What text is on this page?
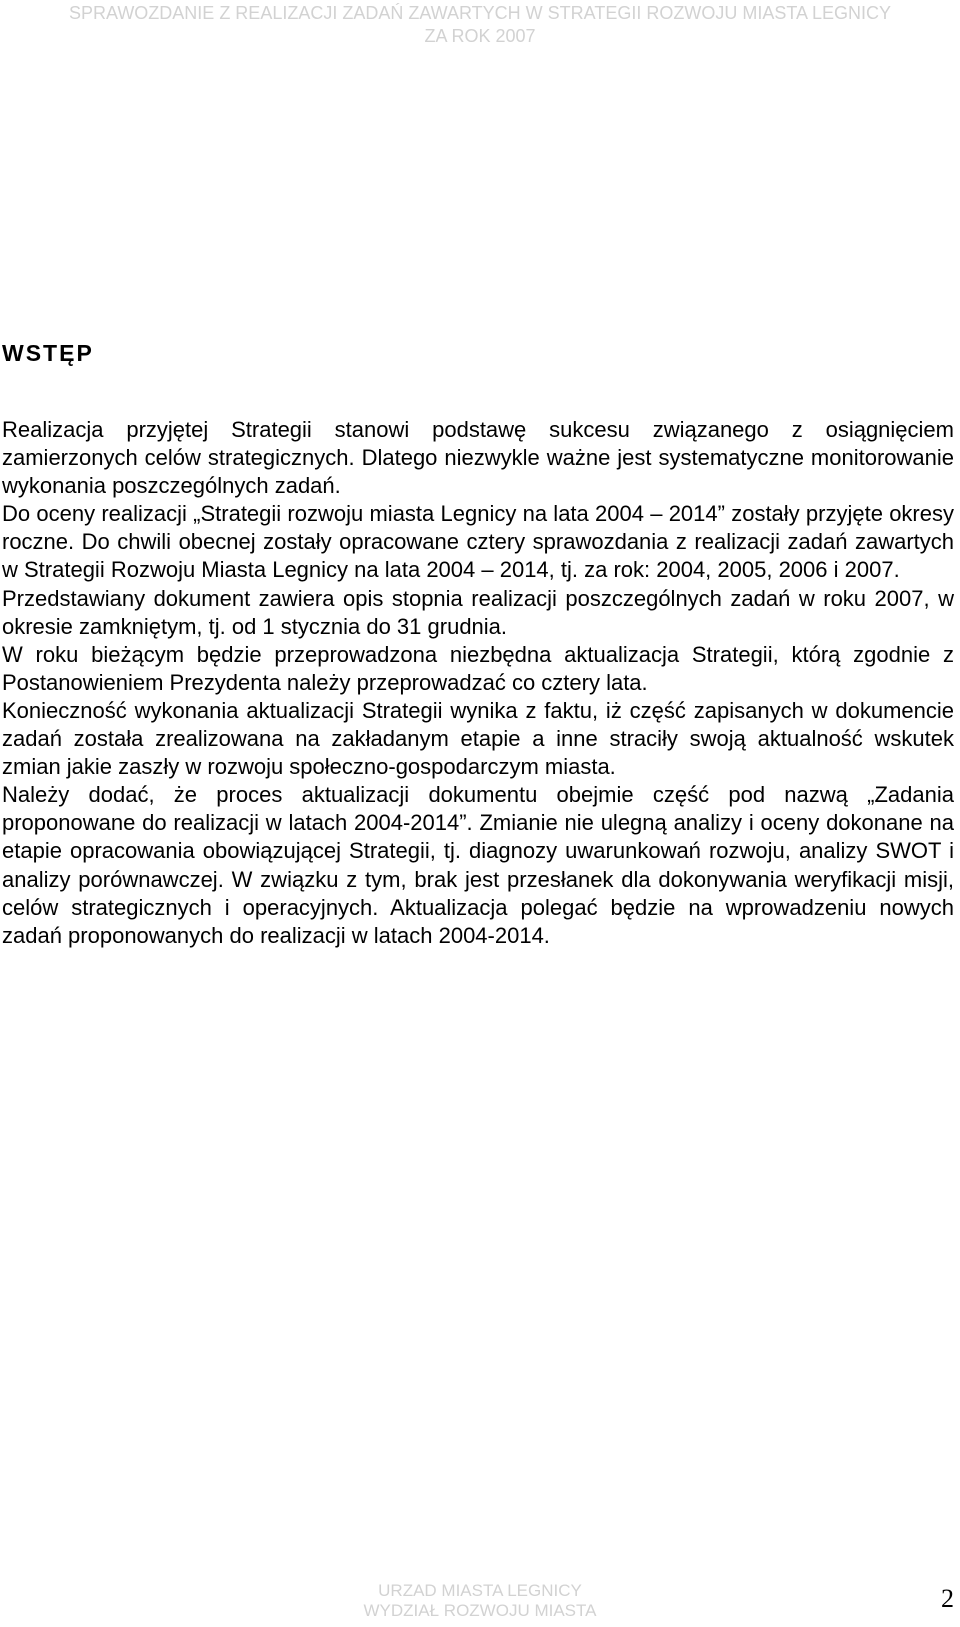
SPRAWOZDANIE Z REALIZACJI ZADAŃ ZAWARTYCH W STRATEGII ROZWOJU MIASTA LEGNICY
ZA ROK 2007
WSTĘP

Realizacja przyjętej Strategii stanowi podstawę sukcesu związanego z osiągnięciem zamierzonych celów strategicznych. Dlatego niezwykle ważne jest systematyczne monitorowanie wykonania poszczególnych zadań.

Do oceny realizacji „Strategii rozwoju miasta Legnicy na lata 2004 – 2014” zostały przyjęte okresy roczne. Do chwili obecnej zostały opracowane cztery sprawozdania z realizacji zadań zawartych w Strategii Rozwoju Miasta Legnicy na lata 2004 – 2014, tj. za rok: 2004, 2005, 2006 i 2007.

Przedstawiany dokument zawiera opis stopnia realizacji poszczególnych zadań w roku 2007, w okresie zamkniętym, tj. od 1 stycznia do 31 grudnia.

W roku bieżącym będzie przeprowadzona niezbędna aktualizacja Strategii, którą zgodnie z Postanowieniem Prezydenta należy przeprowadzać co cztery lata.

Konieczność wykonania aktualizacji Strategii wynika z faktu, iż część zapisanych w dokumencie zadań została zrealizowana na zakładanym etapie a inne straciły swoją aktualność wskutek zmian jakie zaszły w rozwoju społeczno-gospodarczym miasta.

Należy dodać, że proces aktualizacji dokumentu obejmie część pod nazwą „Zadania proponowane do realizacji w latach 2004-2014”. Zmianie nie ulegną analizy i oceny dokonane na etapie opracowania obowiązującej Strategii, tj. diagnozy uwarunkowań rozwoju, analizy SWOT i analizy porównawczej. W związku z tym, brak jest przesłanek dla dokonywania weryfikacji misji, celów strategicznych i operacyjnych. Aktualizacja polegać będzie na wprowadzeniu nowych zadań proponowanych do realizacji w latach 2004-2014.

URZAD MIASTA LEGNICY
WYDZIAŁ ROZWOJU MIASTA	2
